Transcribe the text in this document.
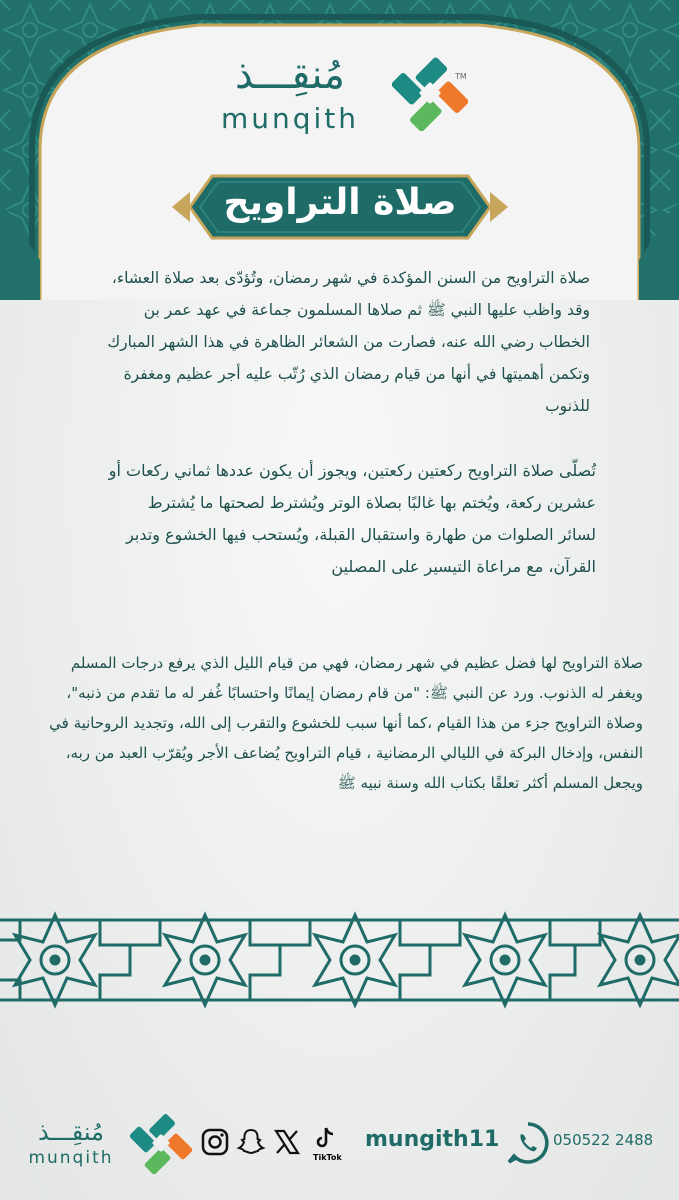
TM
مُنقِـــذ
munqith
صلاة التراويح
صلاة التراويح من السنن المؤكدة في شهر رمضان، وتُؤدّى بعد صلاة العشاء، وقد واظب عليها النبي ﷺ ثم صلاها المسلمون جماعة في عهد عمر بن الخطاب رضي الله عنه، فصارت من الشعائر الظاهرة في هذا الشهر المبارك وتكمن أهميتها في أنها من قيام رمضان الذي رُتّب عليه أجر عظيم ومغفرة للذنوب
تُصلّى صلاة التراويح ركعتين ركعتين، ويجوز أن يكون عددها ثماني ركعات أو عشرين ركعة، ويُختم بها غالبًا بصلاة الوتر ويُشترط لصحتها ما يُشترط لسائر الصلوات من طهارة واستقبال القبلة، ويُستحب فيها الخشوع وتدبر القرآن، مع مراعاة التيسير على المصلين
صلاة التراويح لها فضل عظيم في شهر رمضان، فهي من قيام الليل الذي يرفع درجات المسلم ويغفر له الذنوب. ورد عن النبي ﷺ: "من قام رمضان إيمانًا واحتسابًا غُفر له ما تقدم من ذنبه"، وصلاة التراويح جزء من هذا القيام ،كما أنها سبب للخشوع والتقرب إلى الله، وتجديد الروحانية في النفس، وإدخال البركة في الليالي الرمضانية ، قيام التراويح يُضاعف الأجر ويُقرّب العبد من ربه، ويجعل المسلم أكثر تعلقًا بكتاب الله وسنة نبيه ﷺ
مُنقِـــذ
munqith	TikTok
mungith11	050522 2488
